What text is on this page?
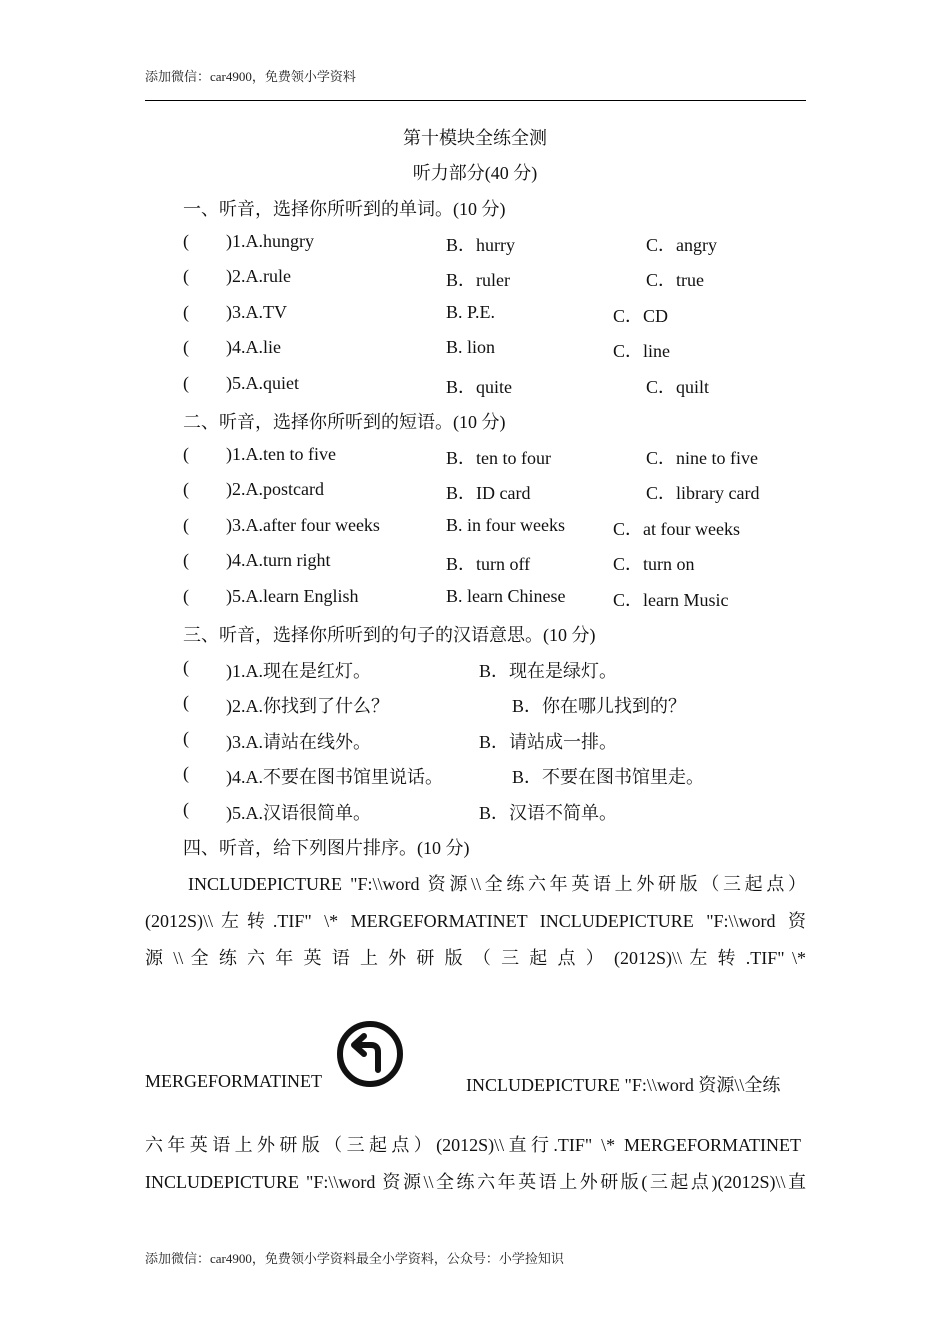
添加微信：car4900，免费领小学资料
第十模块全练全测
听力部分(40 分)
一、听音，选择你所听到的单词。(10 分)
( )1.A.hungry	B．hurry	C．angry
( )2.A.rule	B．ruler	C．true
( )3.A.TV	B. P.E.	C．CD
( )4.A.lie	B. lion	C．line
( )5.A.quiet	B．quite	C．quilt
二、听音，选择你所听到的短语。(10 分)
( )1.A.ten to five	B．ten to four	C．nine to five
( )2.A.postcard	B．ID card	C．library card
( )3.A.after four weeks	B. in four weeks	C．at four weeks
( )4.A.turn right	B．turn off	C．turn on
( )5.A.learn English	B. learn Chinese	C．learn Music
三、听音，选择你所听到的句子的汉语意思。(10 分)
( )1.A.现在是红灯。	B．现在是绿灯。
( )2.A.你找到了什么？	B．你在哪儿找到的？
( )3.A.请站在线外。	B．请站成一排。
( )4.A.不要在图书馆里说话。	B．不要在图书馆里走。
( )5.A.汉语很简单。	B．汉语不简单。
四、听音，给下列图片排序。(10 分)
INCLUDEPICTURE "F:\\word 资源\\全练六年英语上外研版（三起点）
(2012S)\\左转.TIF" \* MERGEFORMATINET INCLUDEPICTURE "F:\\word 资
源 \\ 全 练 六 年 英 语 上 外 研 版 （ 三 起 点 ） (2012S)\\ 左 转 .TIF" \*
MERGEFORMATINET	INCLUDEPICTURE "F:\\word 资源\\全练
六年英语上外研版（三起点）(2012S)\\直行.TIF" \* MERGEFORMATINET
INCLUDEPICTURE "F:\\word 资源\\全练六年英语上外研版(三起点)(2012S)\\直
添加微信：car4900，免费领小学资料最全小学资料，公众号：小学捡知识
